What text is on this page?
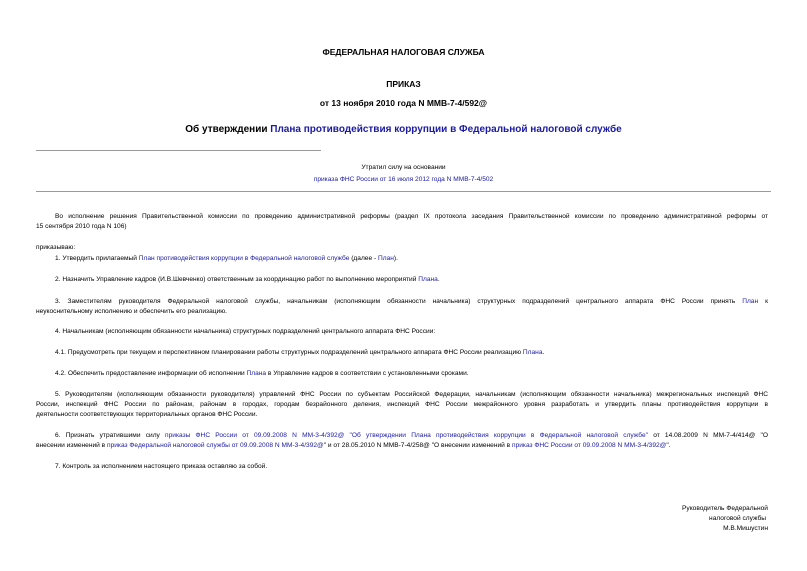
ФЕДЕРАЛЬНАЯ НАЛОГОВАЯ СЛУЖБА
ПРИКАЗ
от 13 ноября 2010 года N ММВ-7-4/592@
Об утверждении Плана противодействия коррупции в Федеральной налоговой службе
Утратил силу на основании
приказа ФНС России от 16 июля 2012 года N ММВ-7-4/502
Во исполнение решения Правительственной комиссии по проведению административной реформы (раздел IX протокола заседания Правительственной комиссии по проведению административной реформы от
15 сентября 2010 года N 106)
приказываю:
1. Утвердить прилагаемый План противодействия коррупции в Федеральной налоговой службе (далее - План).
2. Назначить Управление кадров (И.В.Шевченко) ответственным за координацию работ по выполнению мероприятий Плана.
3. Заместителям руководителя Федеральной налоговой службы, начальникам (исполняющим обязанности начальника) структурных подразделений центрального аппарата ФНС России принять План к
неукоснительному исполнению и обеспечить его реализацию.
4. Начальникам (исполняющим обязанности начальника) структурных подразделений центрального аппарата ФНС России:
4.1. Предусмотреть при текущем и перспективном планировании работы структурных подразделений центрального аппарата ФНС России реализацию Плана.
4.2. Обеспечить предоставление информации об исполнении Плана в Управление кадров в соответствии с установленными сроками.
5. Руководителям (исполняющим обязанности руководителя) управлений ФНС России по субъектам Российской Федерации, начальникам (исполняющим обязанности начальника) межрегиональных инспекций ФНС
России, инспекций ФНС России по районам, районам в городах, городам безрайонного деления, инспекций ФНС России межрайонного уровня разработать и утвердить планы противодействия коррупции в
деятельности соответствующих территориальных органов ФНС России.
6. Признать утратившими силу приказы ФНС России от 09.09.2008 N ММ-3-4/392@ "Об утверждении Плана противодействия коррупции в Федеральной налоговой службе" от 14.08.2009 N ММ-7-4/414@ "О
внесении изменений в приказ Федеральной налоговой службы от 09.09.2008 N ММ-3-4/392@" и от 28.05.2010 N ММВ-7-4/258@ "О внесении изменений в приказ ФНС России от 09.09.2008 N ММ-3-4/392@".
7. Контроль за исполнением настоящего приказа оставляю за собой.
Руководитель Федеральной
налоговой службы
М.В.Мишустин
